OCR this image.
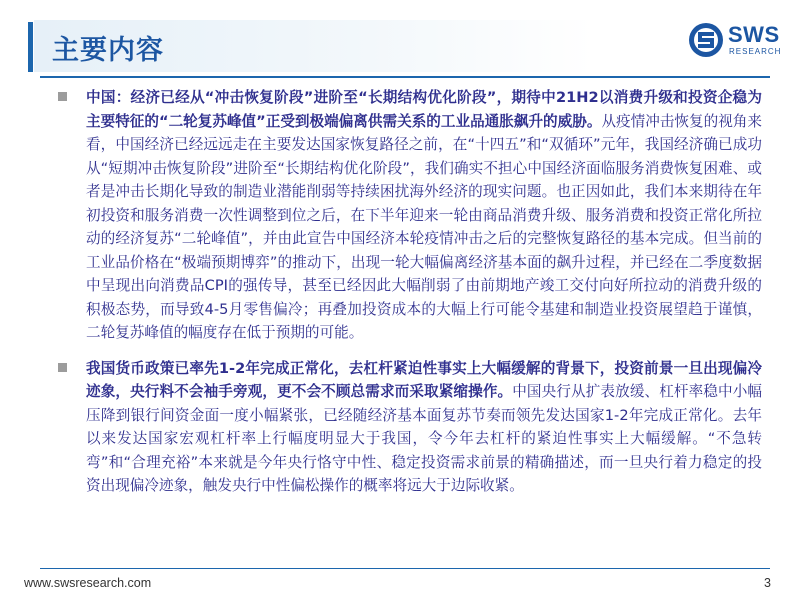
主要内容
SWS
RESEARCH

中国：经济已经从“冲击恢复阶段”进阶至“长期结构优化阶段”，期待中21H2以消费升级和投资企稳为主要特征的“二轮复苏峰值”正受到极端偏离供需关系的工业品通胀飙升的威胁。从疫情冲击恢复的视角来看，中国经济已经远远走在主要发达国家恢复路径之前，在“十四五”和“双循环”元年，我国经济确已成功从“短期冲击恢复阶段”进阶至“长期结构优化阶段”，我们确实不担心中国经济面临服务消费恢复困难、或者是冲击长期化导致的制造业潜能削弱等持续困扰海外经济的现实问题。也正因如此，我们本来期待在年初投资和服务消费一次性调整到位之后，在下半年迎来一轮由商品消费升级、服务消费和投资正常化所拉动的经济复苏“二轮峰值”，并由此宣告中国经济本轮疫情冲击之后的完整恢复路径的基本完成。但当前的工业品价格在“极端预期博弈”的推动下，出现一轮大幅偏离经济基本面的飙升过程，并已经在二季度数据中呈现出向消费品CPI的强传导，甚至已经因此大幅削弱了由前期地产竣工交付向好所拉动的消费升级的积极态势，而导致4-5月零售偏冷；再叠加投资成本的大幅上行可能令基建和制造业投资展望趋于谨慎，二轮复苏峰值的幅度存在低于预期的可能。

我国货币政策已率先1-2年完成正常化，去杠杆紧迫性事实上大幅缓解的背景下，投资前景一旦出现偏冷迹象，央行料不会袖手旁观，更不会不顾总需求而采取紧缩操作。中国央行从扩表放缓、杠杆率稳中小幅压降到银行间资金面一度小幅紧张，已经随经济基本面复苏节奏而领先发达国家1-2年完成正常化。去年以来发达国家宏观杠杆率上行幅度明显大于我国，令今年去杠杆的紧迫性事实上大幅缓解。“不急转弯”和“合理充裕”本来就是今年央行恪守中性、稳定投资需求前景的精确描述，而一旦央行着力稳定的投资出现偏冷迹象，触发央行中性偏松操作的概率将远大于边际收紧。

www.swsresearch.com	3
